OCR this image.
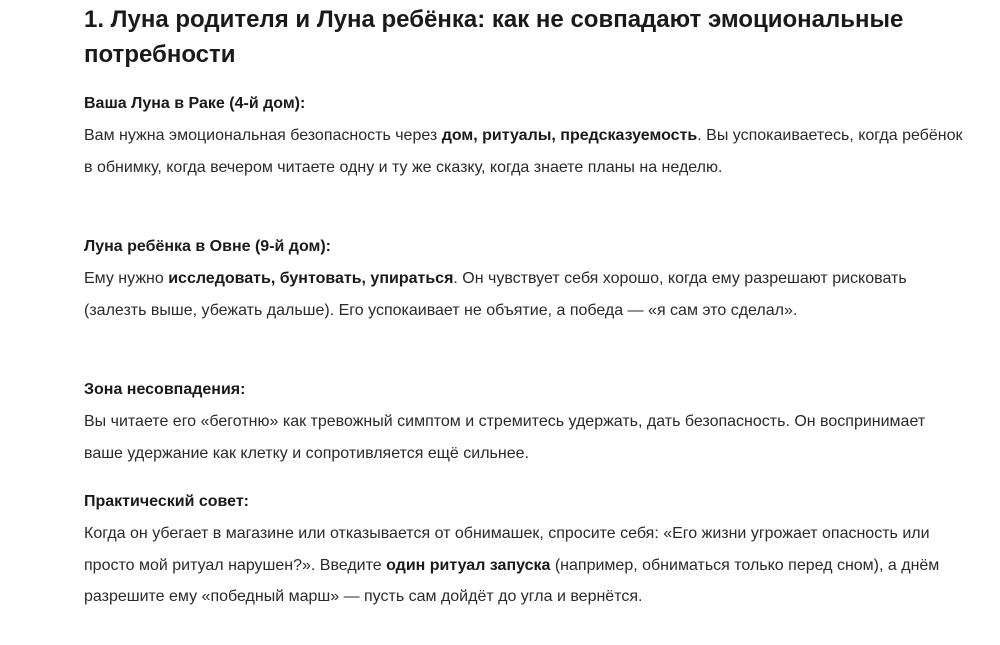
1. Луна родителя и Луна ребёнка: как не совпадают эмоциональные потребности
Ваша Луна в Раке (4-й дом):

Вам нужна эмоциональная безопасность через дом, ритуалы, предсказуемость. Вы успокаиваетесь, когда ребёнок в обнимку, когда вечером читаете одну и ту же сказку, когда знаете планы на неделю.

Луна ребёнка в Овне (9-й дом):

Ему нужно исследовать, бунтовать, упираться. Он чувствует себя хорошо, когда ему разрешают рисковать (залезть выше, убежать дальше). Его успокаивает не объятие, а победа — «я сам это сделал».

Зона несовпадения:

Вы читаете его «беготню» как тревожный симптом и стремитесь удержать, дать безопасность. Он воспринимает ваше удержание как клетку и сопротивляется ещё сильнее.

Практический совет:

Когда он убегает в магазине или отказывается от обнимашек, спросите себя: «Его жизни угрожает опасность или просто мой ритуал нарушен?». Введите один ритуал запуска (например, обниматься только перед сном), а днём разрешите ему «победный марш» — пусть сам дойдёт до угла и вернётся.
